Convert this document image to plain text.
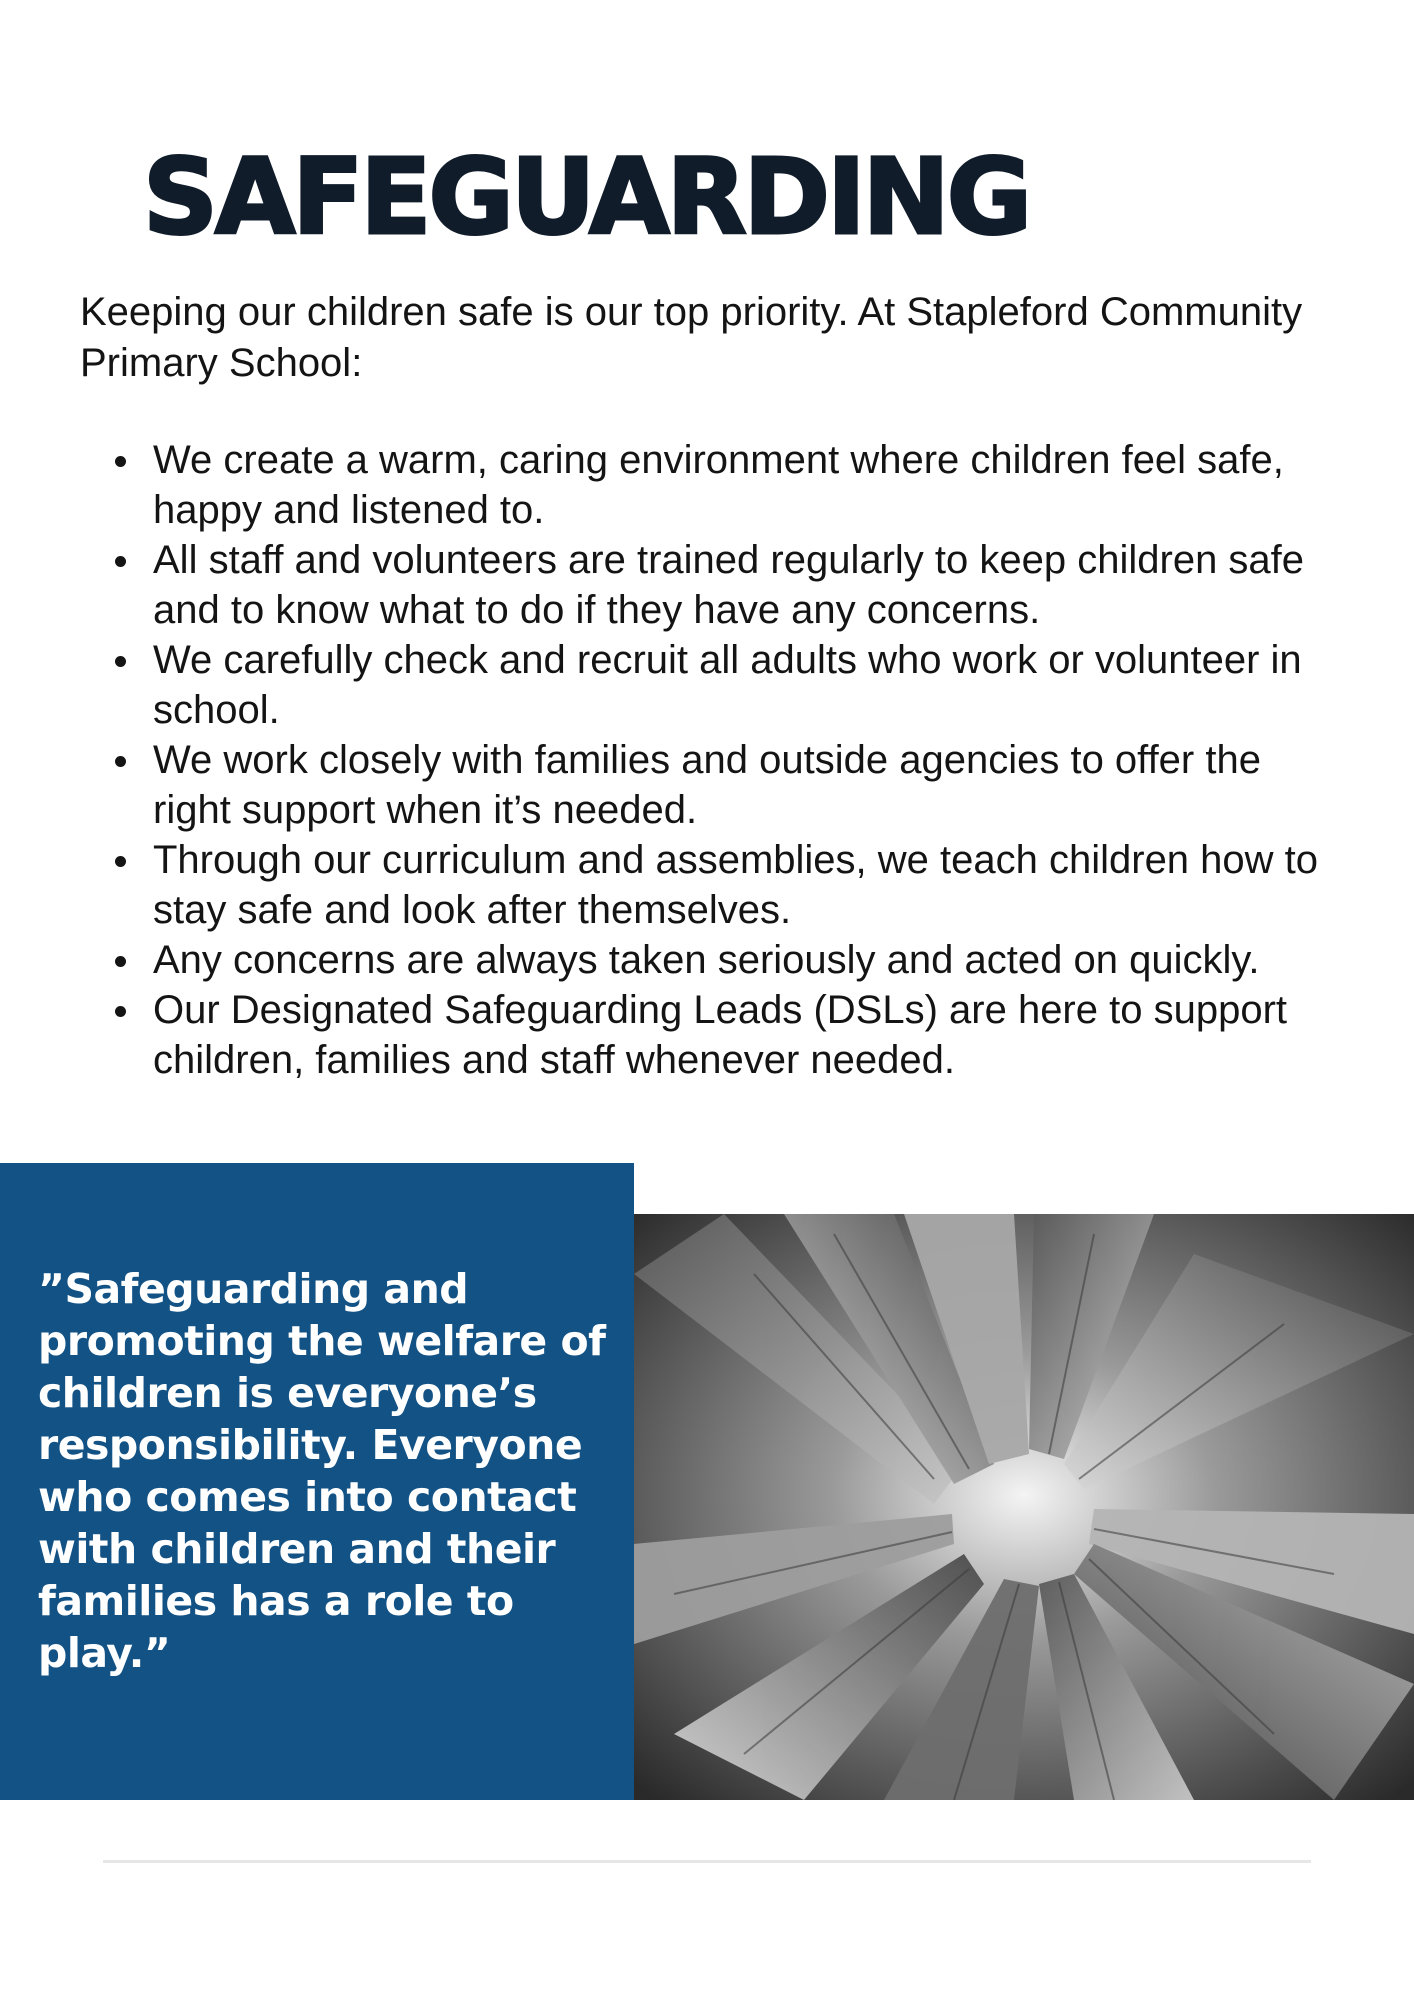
SAFEGUARDING

Keeping our children safe is our top priority. At Stapleford Community Primary School:

We create a warm, caring environment where children feel safe, happy and listened to.
All staff and volunteers are trained regularly to keep children safe and to know what to do if they have any concerns.
We carefully check and recruit all adults who work or volunteer in school.
We work closely with families and outside agencies to offer the right support when it’s needed.
Through our curriculum and assemblies, we teach children how to stay safe and look after themselves.
Any concerns are always taken seriously and acted on quickly.
Our Designated Safeguarding Leads (DSLs) are here to support children, families and staff whenever needed.

”Safeguarding and promoting the welfare of children is everyone’s responsibility. Everyone who comes into contact with children and their families has a role to play.”
